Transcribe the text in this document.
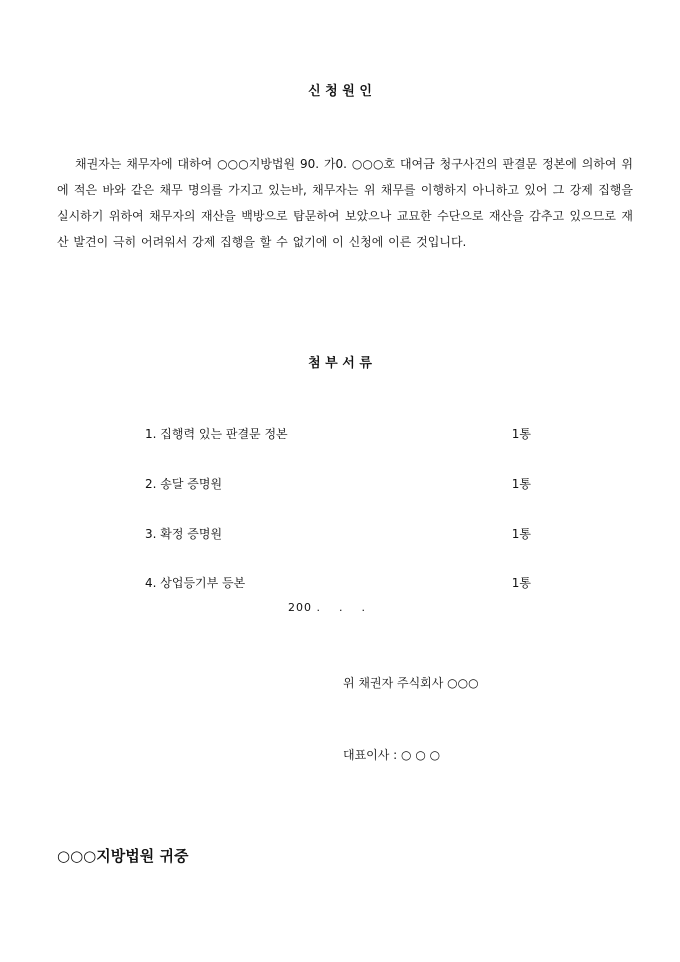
신 청 원 인
채권자는 채무자에 대하여 ○○○지방법원 90. 가0. ○○○호 대여금 청구사건의 판결문 정본에 의하여 위에 적은 바와 같은 채무 명의를 가지고 있는바, 채무자는 위 채무를 이행하지 아니하고 있어 그 강제 집행을 실시하기 위하여 채무자의 재산을 백방으로 탐문하여 보았으나 교묘한 수단으로 재산을 감추고 있으므로 재산 발견이 극히 어려워서 강제 집행을 할 수 없기에 이 신청에 이른 것입니다.
첨 부 서 류
1. 집행력 있는 판결문 정본	1통
2. 송달 증명원	1통
3. 확정 증명원	1통
4. 상업등기부 등본	1통
200 .    .    .
위 채권자 주식회사 ○○○
대표이사 : ○ ○ ○
○○○지방법원 귀중
